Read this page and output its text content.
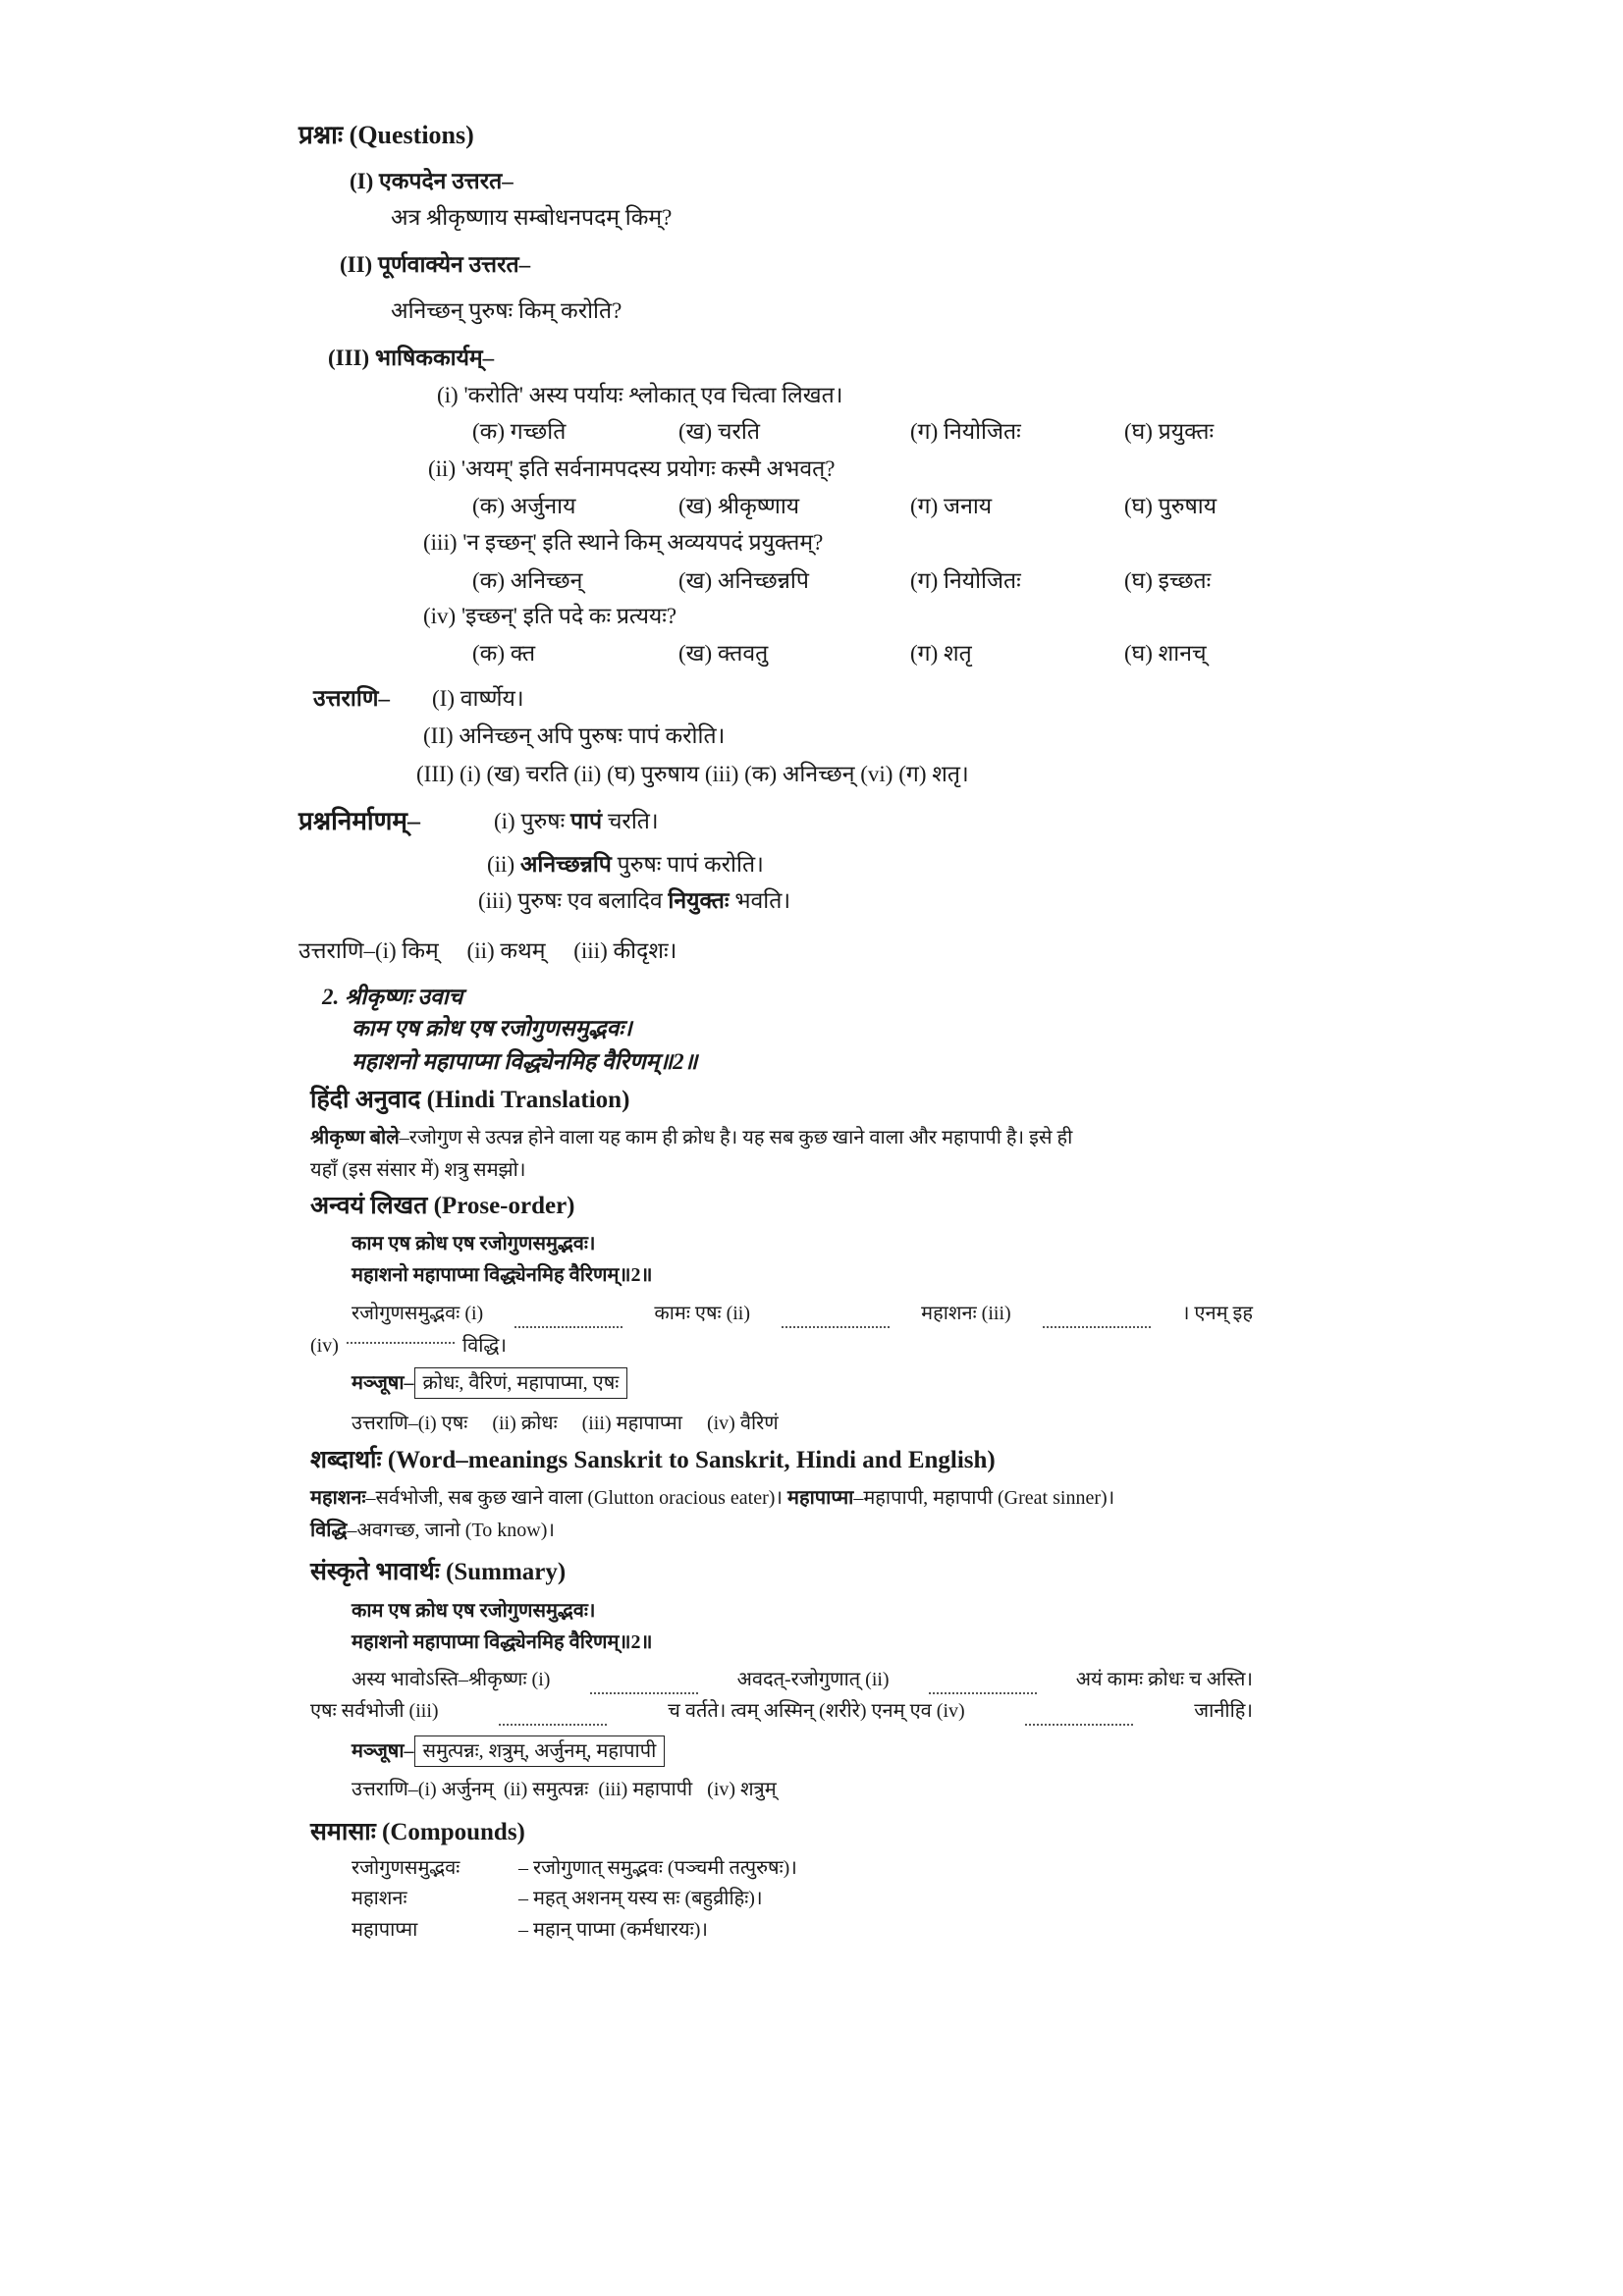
प्रश्नाः (Questions)
(I) एकपदेन उत्तरत–
अत्र श्रीकृष्णाय सम्बोधनपदम् किम्?
(II) पूर्णवाक्येन उत्तरत–
अनिच्छन् पुरुषः किम् करोति?
(III) भाषिककार्यम्–
(i) 'करोति' अस्य पर्यायः श्लोकात् एव चित्वा लिखत।
(क) गच्छति	(ख) चरति	(ग) नियोजितः	(घ) प्रयुक्तः
(ii) 'अयम्' इति सर्वनामपदस्य प्रयोगः कस्मै अभवत्?
(क) अर्जुनाय	(ख) श्रीकृष्णाय	(ग) जनाय	(घ) पुरुषाय
(iii) 'न इच्छन्' इति स्थाने किम् अव्ययपदं प्रयुक्तम्?
(क) अनिच्छन्	(ख) अनिच्छन्नपि	(ग) नियोजितः	(घ) इच्छतः
(iv) 'इच्छन्' इति पदे कः प्रत्ययः?
(क) क्त	(ख) क्तवतु	(ग) शतृ	(घ) शानच्
उत्तराणि– (I) वार्ष्णेय।
(II) अनिच्छन् अपि पुरुषः पापं करोति।
(III) (i) (ख) चरति (ii) (घ) पुरुषाय (iii) (क) अनिच्छन् (vi) (ग) शतृ।
प्रश्ननिर्माणम्–	(i) पुरुषः पापं चरति।
(ii) अनिच्छन्नपि पुरुषः पापं करोति।
(iii) पुरुषः एव बलादिव नियुक्तः भवति।
उत्तराणि–(i) किम्     (ii) कथम्     (iii) कीदृशः।
2. श्रीकृष्णः उवाच
काम एष क्रोध एष रजोगुणसमुद्भवः।
महाशनो महापाप्मा विद्ध्येनमिह वैरिणम्॥2॥
हिंदी अनुवाद (Hindi Translation)
श्रीकृष्ण बोले–रजोगुण से उत्पन्न होने वाला यह काम ही क्रोध है। यह सब कुछ खाने वाला और महापापी है। इसे ही
यहाँ (इस संसार में) शत्रु समझो।
अन्वयं लिखत (Prose-order)
काम एष क्रोध एष रजोगुणसमुद्भवः।
महाशनो महापाप्मा विद्ध्येनमिह वैरिणम्॥2॥
रजोगुणसमुद्भवः (i)	कामः एषः (ii)	महाशनः (iii)	। एनम् इह
(iv)	विद्धि।
मञ्जूषा– क्रोधः, वैरिणं, महापाप्मा, एषः
उत्तराणि–(i) एषः     (ii) क्रोधः     (iii) महापाप्मा     (iv) वैरिणं
शब्दार्थाः (Word–meanings Sanskrit to Sanskrit, Hindi and English)
महाशनः–सर्वभोजी, सब कुछ खाने वाला (Glutton oracious eater)। महापाप्मा–महापापी, महापापी (Great sinner)।
विद्धि–अवगच्छ, जानो (To know)।
संस्कृते भावार्थः (Summary)
काम एष क्रोध एष रजोगुणसमुद्भवः।
महाशनो महापाप्मा विद्ध्येनमिह वैरिणम्॥2॥
अस्य भावोऽस्ति–श्रीकृष्णः (i)	अवदत्-रजोगुणात् (ii)	अयं कामः क्रोधः च अस्ति।
एषः सर्वभोजी (iii)	च वर्तते। त्वम् अस्मिन् (शरीरे) एनम् एव (iv)	जानीहि।
मञ्जूषा– समुत्पन्नः, शत्रुम्, अर्जुनम्, महापापी
उत्तराणि–(i) अर्जुनम्  (ii) समुत्पन्नः  (iii) महापापी   (iv) शत्रुम्
समासाः (Compounds)
रजोगुणसमुद्भवः	– रजोगुणात् समुद्भवः (पञ्चमी तत्पुरुषः)।
महाशनः	– महत् अशनम् यस्य सः (बहुव्रीहिः)।
महापाप्मा	– महान् पाप्मा (कर्मधारयः)।
